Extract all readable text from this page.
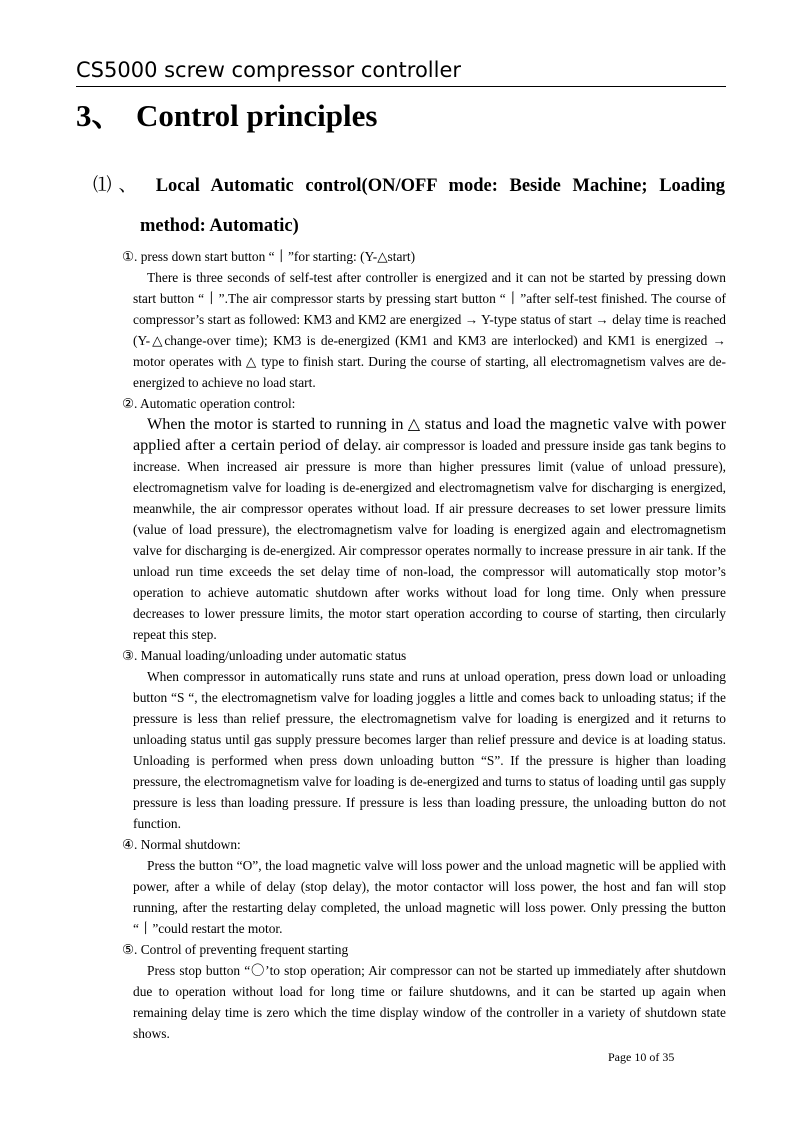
CS5000 screw compressor controller
3、 Control principles
⑴、 Local Automatic control(ON/OFF mode: Beside Machine; Loading
method: Automatic)

①. press down start button “丨”for starting: (Y-△start)

There is three seconds of self-test after controller is energized and it can not be started by pressing down start button “丨”.The air compressor starts by pressing start button “丨”after self-test finished. The course of compressor’s start as followed: KM3 and KM2 are energized → Y-type status of start → delay time is reached (Y-△change-over time); KM3 is de-energized (KM1 and KM3 are interlocked) and KM1 is energized → motor operates with △ type to finish start. During the course of starting, all electromagnetism valves are de-energized to achieve no load start.

②. Automatic operation control:

When the motor is started to running in △ status and load the magnetic valve with power applied after a certain period of delay. air compressor is loaded and pressure inside gas tank begins to increase. When increased air pressure is more than higher pressures limit (value of unload pressure), electromagnetism valve for loading is de-energized and electromagnetism valve for discharging is energized, meanwhile, the air compressor operates without load. If air pressure decreases to set lower pressure limits (value of load pressure), the electromagnetism valve for loading is energized again and electromagnetism valve for discharging is de-energized. Air compressor operates normally to increase pressure in air tank. If the unload run time exceeds the set delay time of non-load, the compressor will automatically stop motor’s operation to achieve automatic shutdown after works without load for long time. Only when pressure decreases to lower pressure limits, the motor start operation according to course of starting, then circularly repeat this step.

③. Manual loading/unloading under automatic status

When compressor in automatically runs state and runs at unload operation, press down load or unloading button “S “, the electromagnetism valve for loading joggles a little and comes back to unloading status; if the pressure is less than relief pressure, the electromagnetism valve for loading is energized and it returns to unloading status until gas supply pressure becomes larger than relief pressure and device is at loading status. Unloading is performed when press down unloading button “S”. If the pressure is higher than loading pressure, the electromagnetism valve for loading is de-energized and turns to status of loading until gas supply pressure is less than loading pressure. If pressure is less than loading pressure, the unloading button do not function.

④. Normal shutdown:

Press the button “O”, the load magnetic valve will loss power and the unload magnetic will be applied with power, after a while of delay (stop delay), the motor contactor will loss power, the host and fan will stop running, after the restarting delay completed, the unload magnetic will loss power. Only pressing the button “丨”could restart the motor.

⑤. Control of preventing frequent starting

Press stop button “〇’to stop operation; Air compressor can not be started up immediately after shutdown due to operation without load for long time or failure shutdowns, and it can be started up again when remaining delay time is zero which the time display window of the controller in a variety of shutdown state shows.

Page 10 of 35
